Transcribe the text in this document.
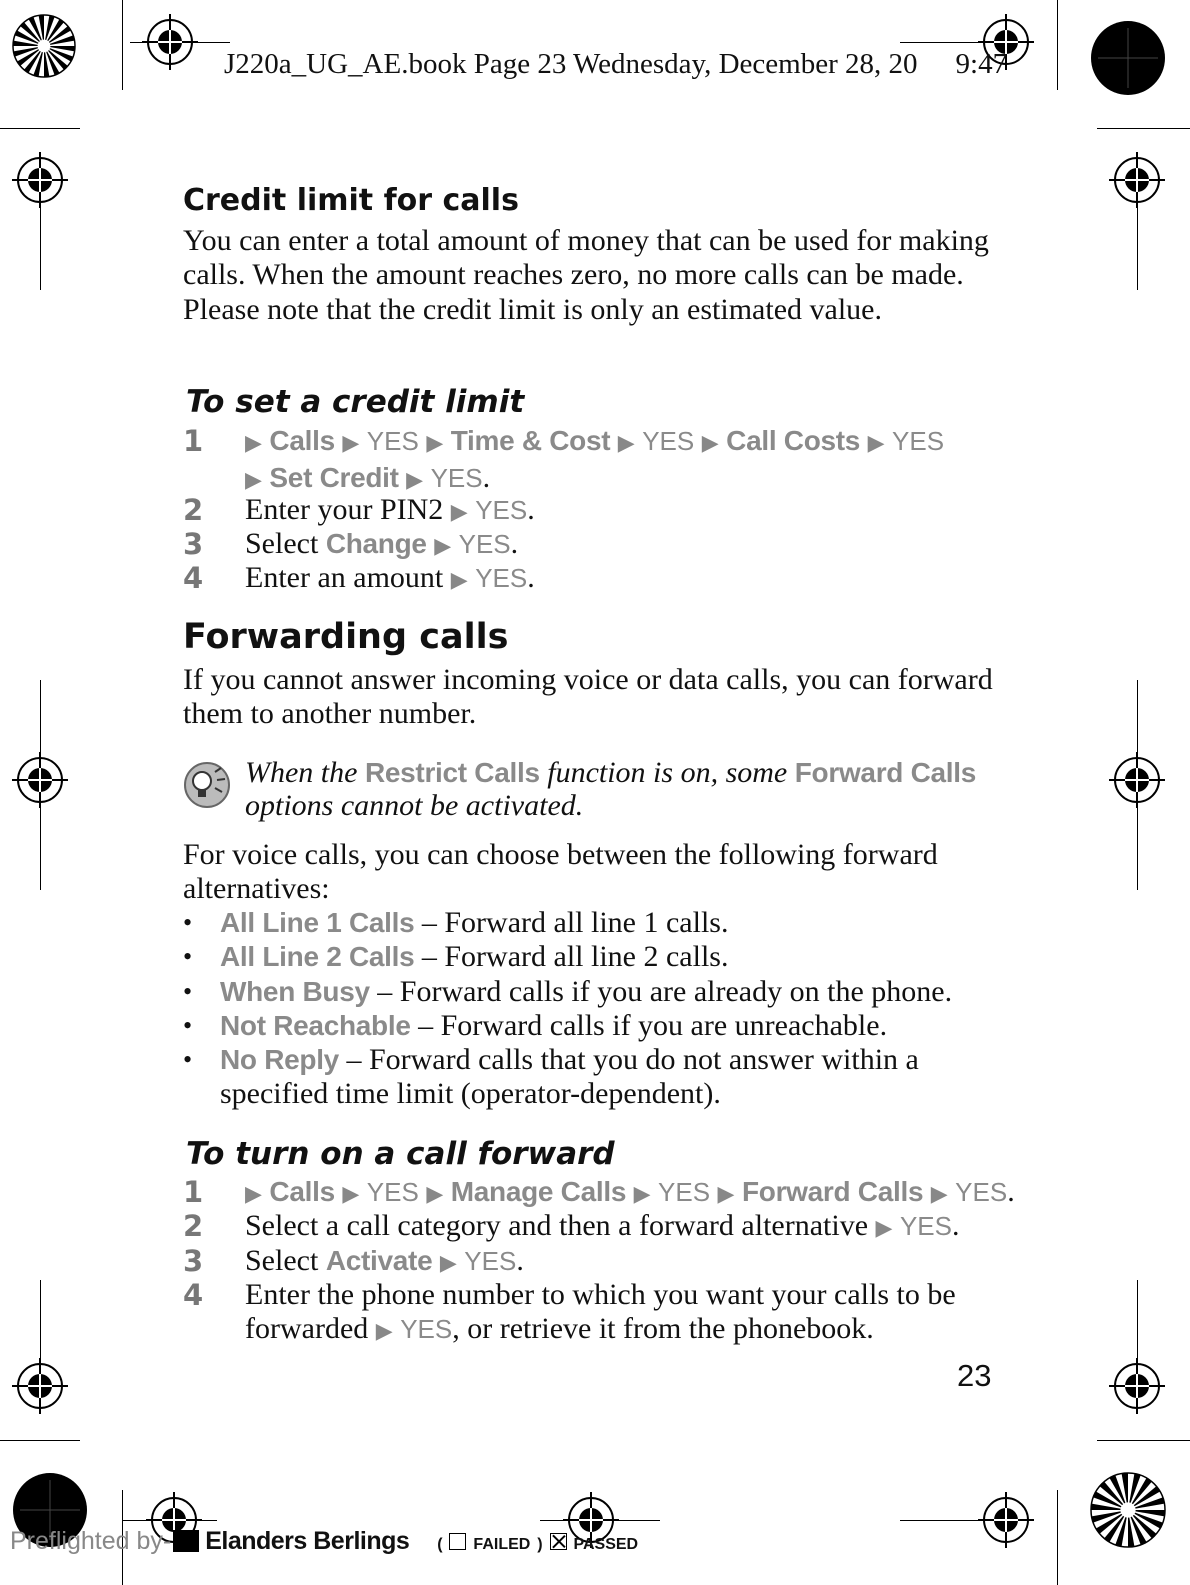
J220a_UG_AE.book Page 23 Wednesday, December 28, 20 9:47
Credit limit for calls

You can enter a total amount of money that can be used for making calls. When the amount reaches zero, no more calls can be made. Please note that the credit limit is only an estimated value.

To set a credit limit
1 ▶ Calls ▶ YES ▶ Time & Cost ▶ YES ▶ Call Costs ▶ YES
▶ Set Credit ▶ YES.
2 Enter your PIN2 ▶ YES.
3 Select Change ▶ YES.
4 Enter an amount ▶ YES.
Forwarding calls

If you cannot answer incoming voice or data calls, you can forward them to another number.

When the Restrict Calls function is on, some Forward Calls options cannot be activated.

For voice calls, you can choose between the following forward alternatives:

• All Line 1 Calls – Forward all line 1 calls.
• All Line 2 Calls – Forward all line 2 calls.
• When Busy – Forward calls if you are already on the phone.
• Not Reachable – Forward calls if you are unreachable.
• No Reply – Forward calls that you do not answer within a specified time limit (operator-dependent).
To turn on a call forward
1 ▶ Calls ▶ YES ▶ Manage Calls ▶ YES ▶ Forward Calls ▶ YES.
2 Select a call category and then a forward alternative ▶ YES.
3 Select Activate ▶ YES.
4 Enter the phone number to which you want your calls to be forwarded ▶ YES, or retrieve it from the phonebook.
23
Preflighted by- Elanders Berlings ( FAILED ) PASSED
